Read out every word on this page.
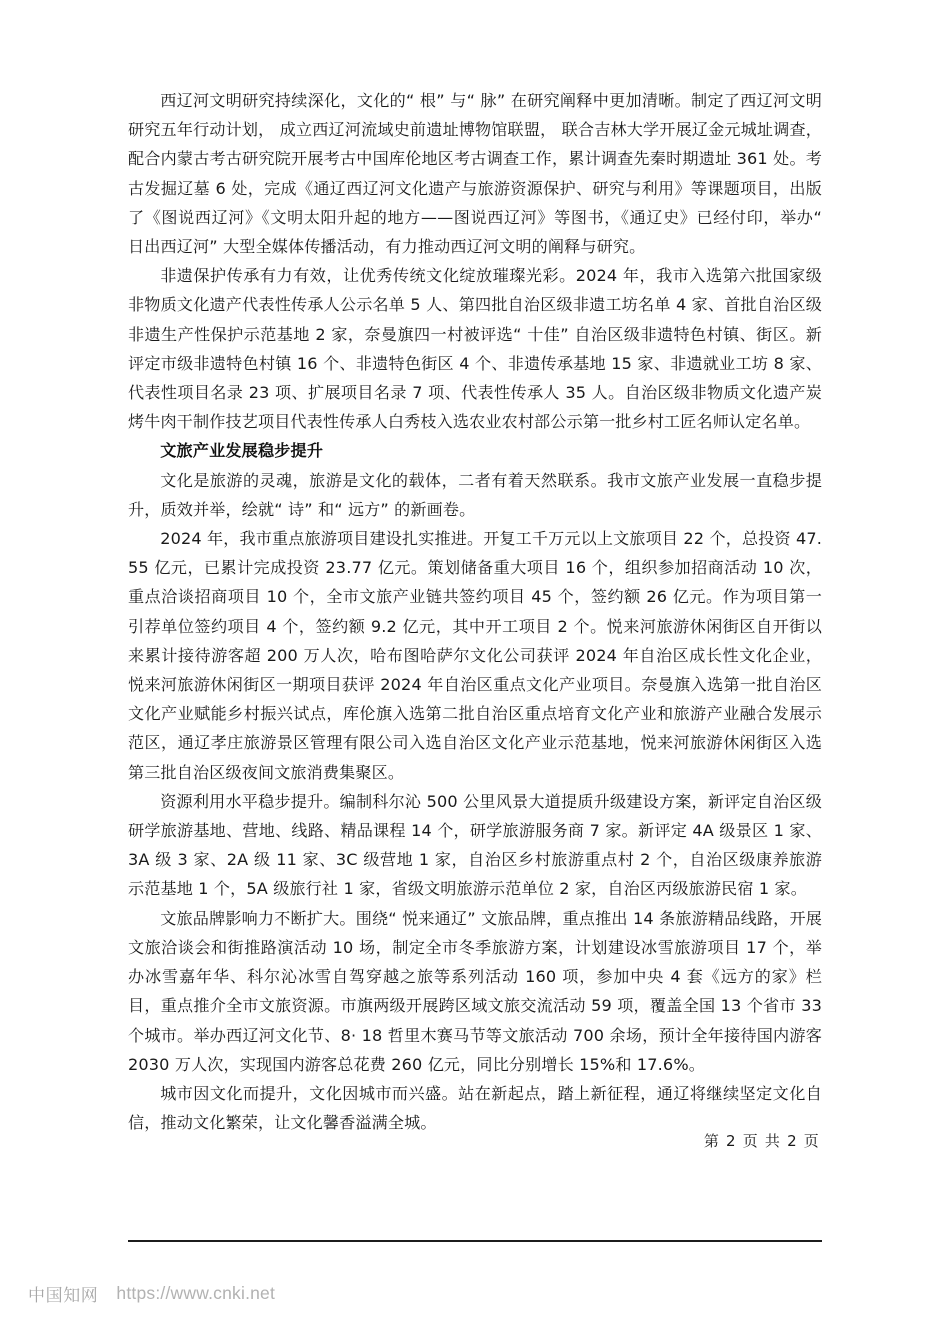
西辽河文明研究持续深化，文化的“ 根” 与“ 脉” 在研究阐释中更加清晰。制定了西辽河文明研究五年行动计划， 成立西辽河流域史前遗址博物馆联盟， 联合吉林大学开展辽金元城址调查，配合内蒙古考古研究院开展考古中国库伦地区考古调查工作，累计调查先秦时期遗址 361 处。考古发掘辽墓 6 处，完成《通辽西辽河文化遗产与旅游资源保护、研究与利用》等课题项目，出版了《图说西辽河》《文明太阳升起的地方——图说西辽河》等图书，《通辽史》已经付印，举办“ 日出西辽河” 大型全媒体传播活动，有力推动西辽河文明的阐释与研究。

非遗保护传承有力有效，让优秀传统文化绽放璀璨光彩。2024 年，我市入选第六批国家级非物质文化遗产代表性传承人公示名单 5 人、第四批自治区级非遗工坊名单 4 家、首批自治区级非遗生产性保护示范基地 2 家，奈曼旗四一村被评选“ 十佳” 自治区级非遗特色村镇、街区。新评定市级非遗特色村镇 16 个、非遗特色街区 4 个、非遗传承基地 15 家、非遗就业工坊 8 家、代表性项目名录 23 项、扩展项目名录 7 项、代表性传承人 35 人。自治区级非物质文化遗产炭烤牛肉干制作技艺项目代表性传承人白秀枝入选农业农村部公示第一批乡村工匠名师认定名单。

文旅产业发展稳步提升

文化是旅游的灵魂，旅游是文化的载体，二者有着天然联系。我市文旅产业发展一直稳步提升，质效并举，绘就“ 诗” 和“ 远方” 的新画卷。

2024 年，我市重点旅游项目建设扎实推进。开复工千万元以上文旅项目 22 个，总投资 47.55 亿元，已累计完成投资 23.77 亿元。策划储备重大项目 16 个，组织参加招商活动 10 次，重点洽谈招商项目 10 个，全市文旅产业链共签约项目 45 个，签约额 26 亿元。作为项目第一引荐单位签约项目 4 个，签约额 9.2 亿元，其中开工项目 2 个。悦来河旅游休闲街区自开街以来累计接待游客超 200 万人次，哈布图哈萨尔文化公司获评 2024 年自治区成长性文化企业，悦来河旅游休闲街区一期项目获评 2024 年自治区重点文化产业项目。奈曼旗入选第一批自治区文化产业赋能乡村振兴试点，库伦旗入选第二批自治区重点培育文化产业和旅游产业融合发展示范区，通辽孝庄旅游景区管理有限公司入选自治区文化产业示范基地，悦来河旅游休闲街区入选第三批自治区级夜间文旅消费集聚区。

资源利用水平稳步提升。编制科尔沁 500 公里风景大道提质升级建设方案，新评定自治区级研学旅游基地、营地、线路、精品课程 14 个，研学旅游服务商 7 家。新评定 4A 级景区 1 家、3A 级 3 家、2A 级 11 家、3C 级营地 1 家，自治区乡村旅游重点村 2 个，自治区级康养旅游示范基地 1 个，5A 级旅行社 1 家，省级文明旅游示范单位 2 家，自治区丙级旅游民宿 1 家。

文旅品牌影响力不断扩大。围绕“ 悦来通辽” 文旅品牌，重点推出 14 条旅游精品线路，开展文旅洽谈会和街推路演活动 10 场，制定全市冬季旅游方案，计划建设冰雪旅游项目 17 个，举办冰雪嘉年华、科尔沁冰雪自驾穿越之旅等系列活动 160 项，参加中央 4 套《远方的家》栏目，重点推介全市文旅资源。市旗两级开展跨区域文旅交流活动 59 项，覆盖全国 13 个省市 33 个城市。举办西辽河文化节、8· 18 哲里木赛马节等文旅活动 700 余场，预计全年接待国内游客 2030 万人次，实现国内游客总花费 260 亿元，同比分别增长 15%和 17.6%。

城市因文化而提升，文化因城市而兴盛。站在新起点，踏上新征程，通辽将继续坚定文化自信，推动文化繁荣，让文化馨香溢满全城。

第 2 页 共 2 页
中国知网 https://www.cnki.net
